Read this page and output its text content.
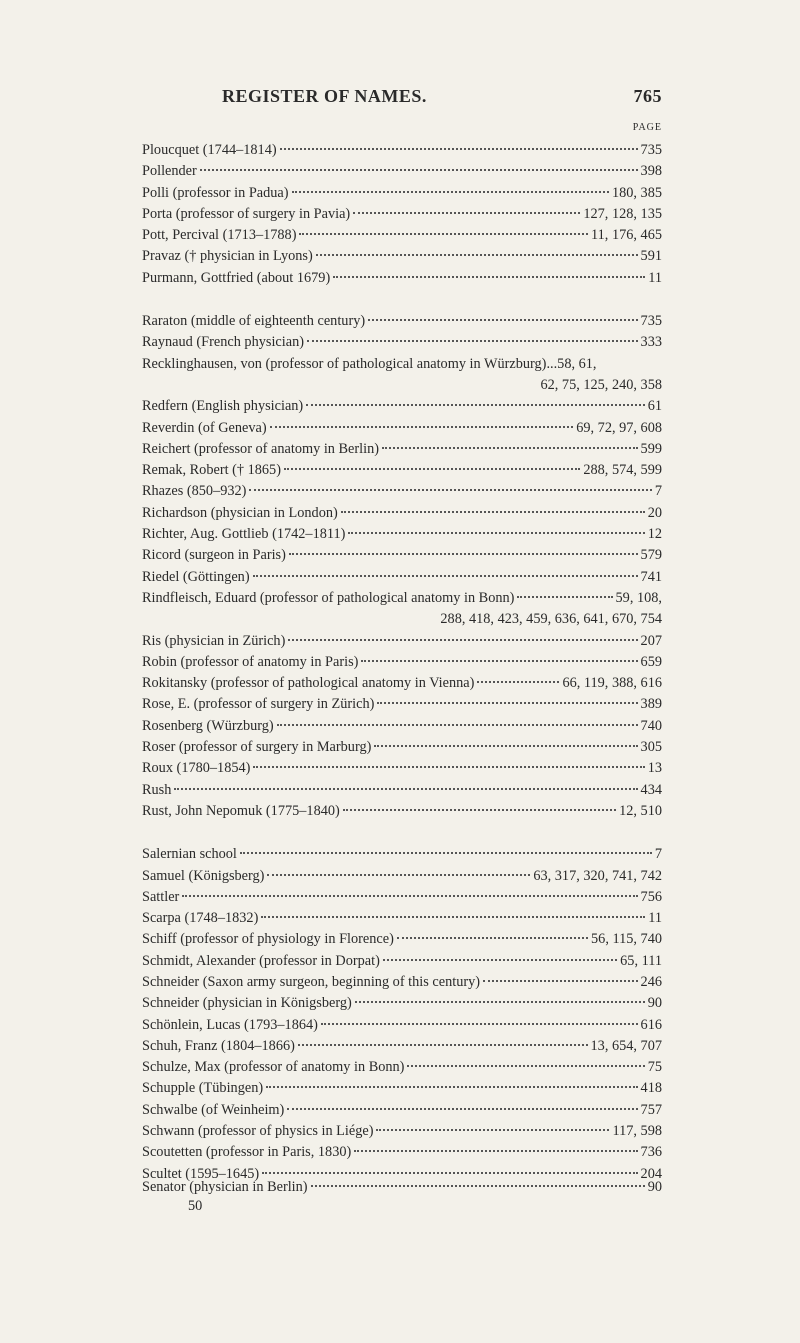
REGISTER OF NAMES.	765
PAGE
Ploucquet (1744–1814)	735
Pollender	398
Polli (professor in Padua)	180, 385
Porta (professor of surgery in Pavia)	127, 128, 135
Pott, Percival (1713–1788)	11, 176, 465
Pravaz († physician in Lyons)	591
Purmann, Gottfried (about 1679)	11
Raraton (middle of eighteenth century)	735
Raynaud (French physician)	333
Recklinghausen, von (professor of pathological anatomy in Würzburg)...58, 61,
62, 75, 125, 240, 358
Redfern (English physician)	61
Reverdin (of Geneva)	69, 72, 97, 608
Reichert (professor of anatomy in Berlin)	599
Remak, Robert († 1865)	288, 574, 599
Rhazes (850–932)	7
Richardson (physician in London)	20
Richter, Aug. Gottlieb (1742–1811)	12
Ricord (surgeon in Paris)	579
Riedel (Göttingen)	741
Rindfleisch, Eduard (professor of pathological anatomy in Bonn)	59, 108,
288, 418, 423, 459, 636, 641, 670, 754
Ris (physician in Zürich)	207
Robin (professor of anatomy in Paris)	659
Rokitansky (professor of pathological anatomy in Vienna)	66, 119, 388, 616
Rose, E. (professor of surgery in Zürich)	389
Rosenberg (Würzburg)	740
Roser (professor of surgery in Marburg)	305
Roux (1780–1854)	13
Rush	434
Rust, John Nepomuk (1775–1840)	12, 510
Salernian school	7
Samuel (Königsberg)	63, 317, 320, 741, 742
Sattler	756
Scarpa (1748–1832)	11
Schiff (professor of physiology in Florence)	56, 115, 740
Schmidt, Alexander (professor in Dorpat)	65, 111
Schneider (Saxon army surgeon, beginning of this century)	246
Schneider (physician in Königsberg)	90
Schönlein, Lucas (1793–1864)	616
Schuh, Franz (1804–1866)	13, 654, 707
Schulze, Max (professor of anatomy in Bonn)	75
Schupple (Tübingen)	418
Schwalbe (of Weinheim)	757
Schwann (professor of physics in Liége)	117, 598
Scoutetten (professor in Paris, 1830)	736
Scultet (1595–1645)	204
Senator (physician in Berlin)	90
50
